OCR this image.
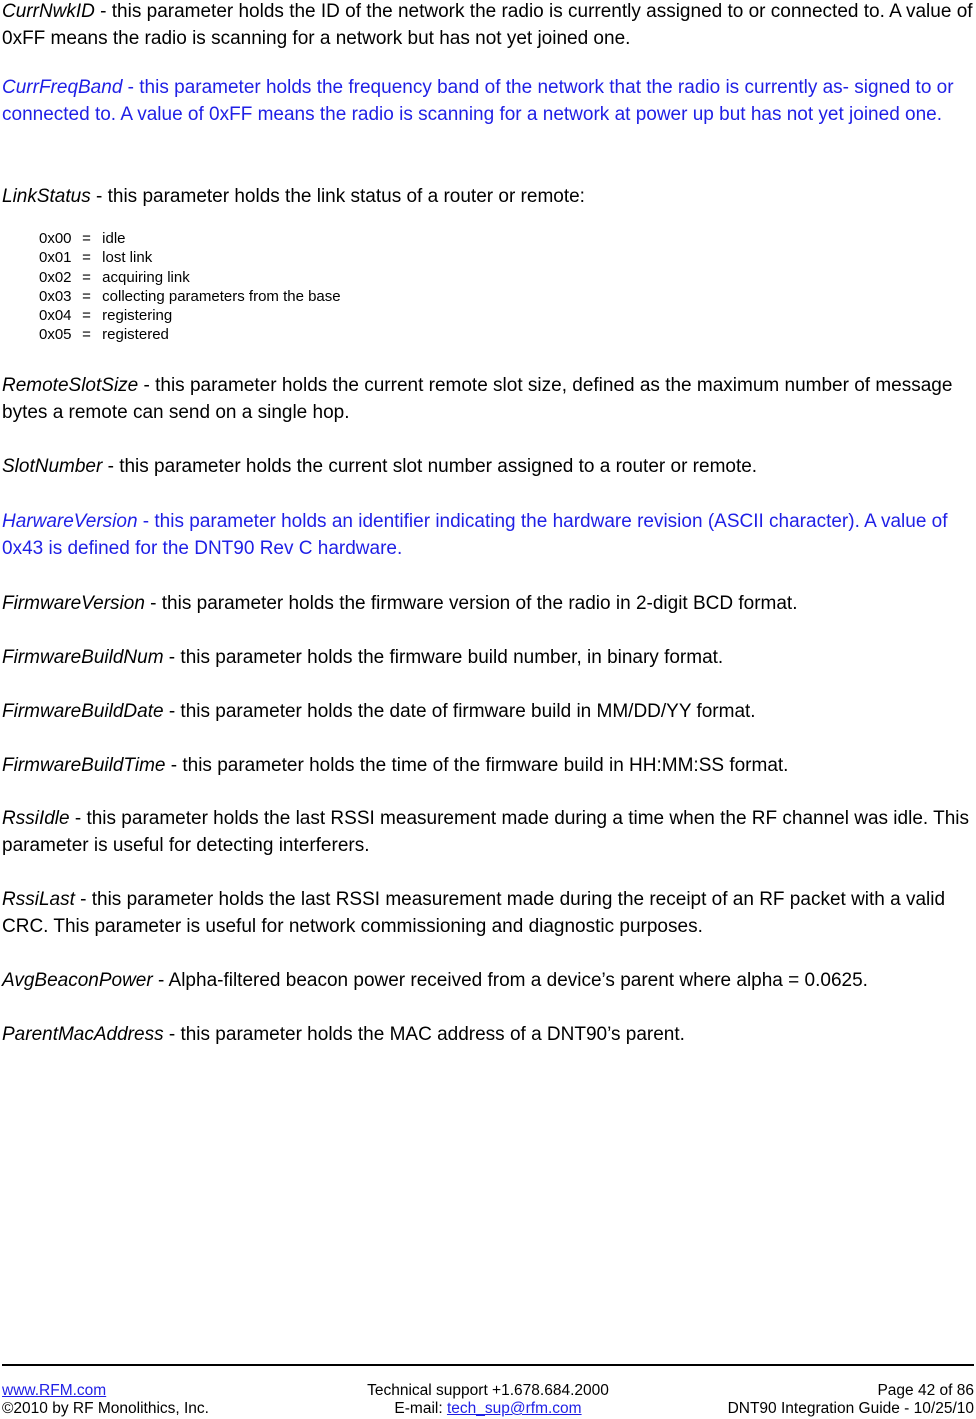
CurrNwkID - this parameter holds the ID of the network the radio is currently assigned to or connected to. A value of 0xFF means the radio is scanning for a network but has not yet joined one.

CurrFreqBand - this parameter holds the frequency band of the network that the radio is currently as- signed to or connected to. A value of 0xFF means the radio is scanning for a network at power up but has not yet joined one.

LinkStatus - this parameter holds the link status of a router or remote:

0x00 = idle
0x01 = lost link
0x02 = acquiring link
0x03 = collecting parameters from the base
0x04 = registering
0x05 = registered

RemoteSlotSize - this parameter holds the current remote slot size, defined as the maximum number of message bytes a remote can send on a single hop.

SlotNumber - this parameter holds the current slot number assigned to a router or remote.

HarwareVersion - this parameter holds an identifier indicating the hardware revision (ASCII character). A value of 0x43 is defined for the DNT90 Rev C hardware.

FirmwareVersion - this parameter holds the firmware version of the radio in 2-digit BCD format.

FirmwareBuildNum - this parameter holds the firmware build number, in binary format.

FirmwareBuildDate - this parameter holds the date of firmware build in MM/DD/YY format.

FirmwareBuildTime - this parameter holds the time of the firmware build in HH:MM:SS format.

RssiIdle - this parameter holds the last RSSI measurement made during a time when the RF channel was idle. This parameter is useful for detecting interferers.

RssiLast - this parameter holds the last RSSI measurement made during the receipt of an RF packet with a valid CRC. This parameter is useful for network commissioning and diagnostic purposes.

AvgBeaconPower - Alpha-filtered beacon power received from a device’s parent where alpha = 0.0625.

ParentMacAddress - this parameter holds the MAC address of a DNT90’s parent.

www.RFM.com	Technical support +1.678.684.2000	Page 42 of 86
©2010 by RF Monolithics, Inc.	E-mail: tech_sup@rfm.com	DNT90 Integration Guide - 10/25/10
